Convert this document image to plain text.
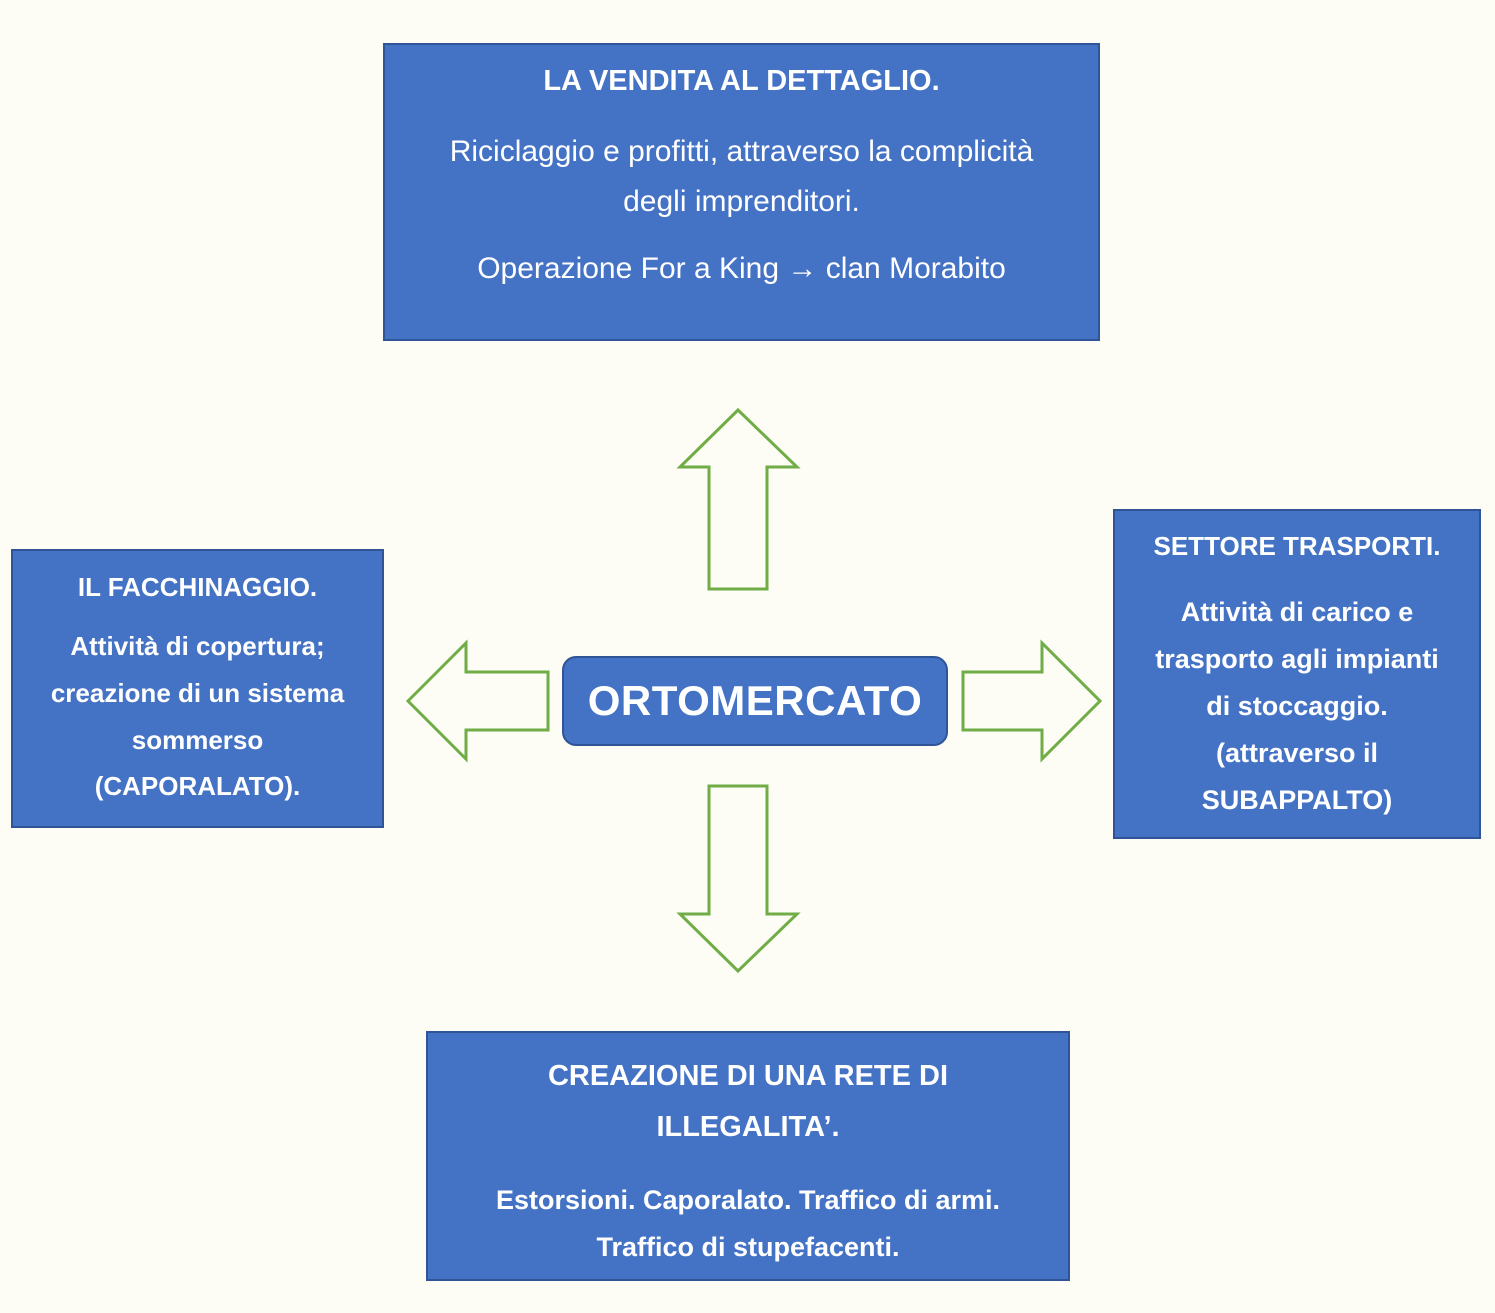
LA VENDITA AL DETTAGLIO.

Riciclaggio e profitti, attraverso la complicità

degli imprenditori.

Operazione For a King → clan Morabito

IL FACCHINAGGIO.

Attività di copertura;

creazione di un sistema

sommerso

(CAPORALATO).

SETTORE TRASPORTI.

Attività di carico e

trasporto agli impianti

di stoccaggio.

(attraverso il

SUBAPPALTO)

CREAZIONE DI UNA RETE DI

ILLEGALITA’.

Estorsioni. Caporalato. Traffico di armi.

Traffico di stupefacenti.

ORTOMERCATO
